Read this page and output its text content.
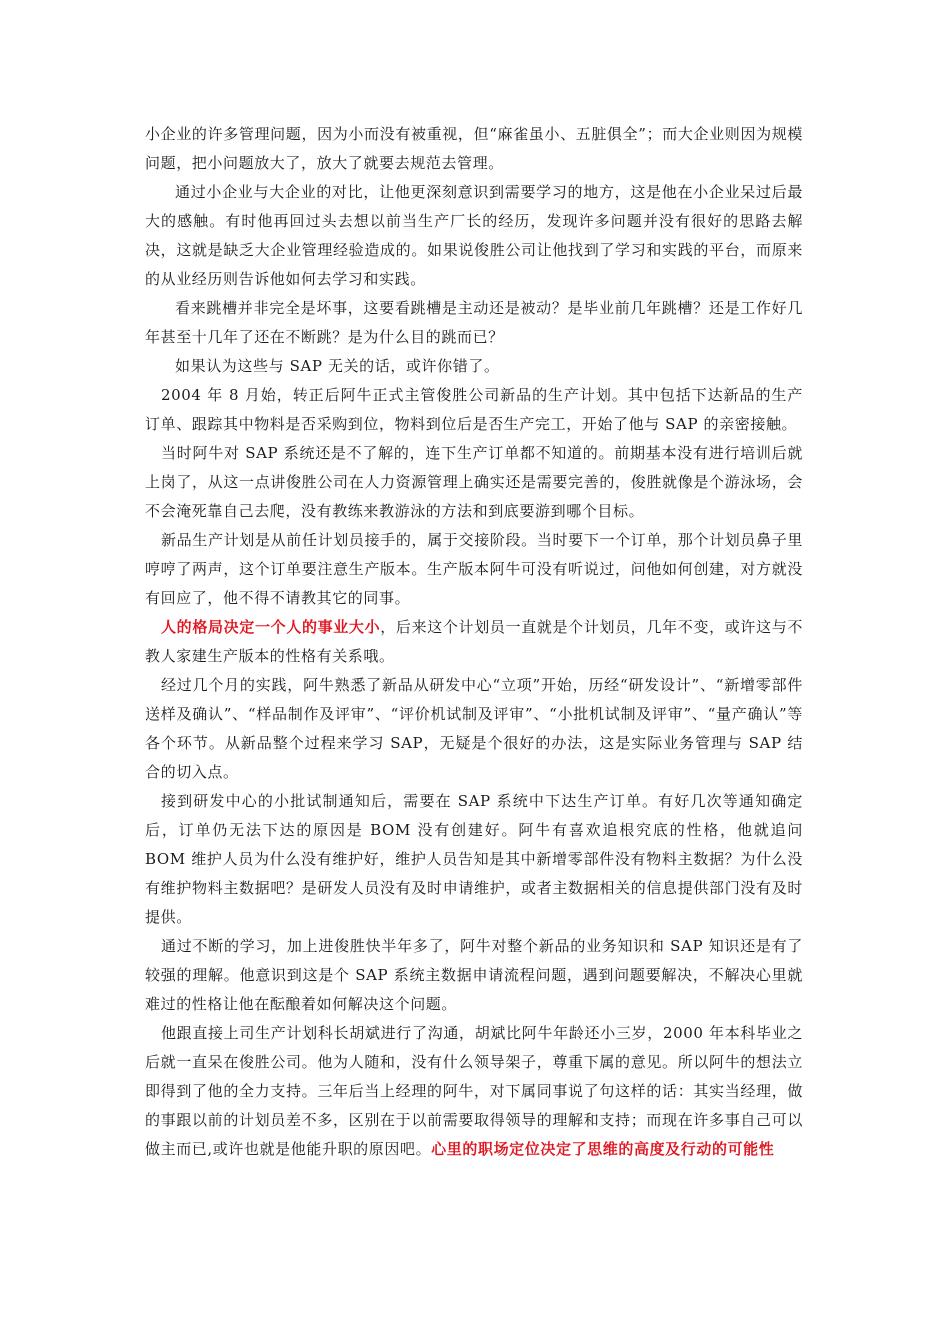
小企业的许多管理问题，因为小而没有被重视，但“麻雀虽小、五脏俱全”；而大企业则因为规模问题，把小问题放大了，放大了就要去规范去管理。

通过小企业与大企业的对比，让他更深刻意识到需要学习的地方，这是他在小企业呆过后最大的感触。有时他再回过头去想以前当生产厂长的经历，发现许多问题并没有很好的思路去解决，这就是缺乏大企业管理经验造成的。如果说俊胜公司让他找到了学习和实践的平台，而原来的从业经历则告诉他如何去学习和实践。

看来跳槽并非完全是坏事，这要看跳槽是主动还是被动？是毕业前几年跳槽？还是工作好几年甚至十几年了还在不断跳？是为什么目的跳而已？

如果认为这些与 SAP 无关的话，或许你错了。

2004 年 8 月始，转正后阿牛正式主管俊胜公司新品的生产计划。其中包括下达新品的生产订单、跟踪其中物料是否采购到位，物料到位后是否生产完工，开始了他与 SAP 的亲密接触。

当时阿牛对 SAP 系统还是不了解的，连下生产订单都不知道的。前期基本没有进行培训后就上岗了，从这一点讲俊胜公司在人力资源管理上确实还是需要完善的，俊胜就像是个游泳场，会不会淹死靠自己去爬，没有教练来教游泳的方法和到底要游到哪个目标。

新品生产计划是从前任计划员接手的，属于交接阶段。当时要下一个订单，那个计划员鼻子里哼哼了两声，这个订单要注意生产版本。生产版本阿牛可没有听说过，问他如何创建，对方就没有回应了，他不得不请教其它的同事。

人的格局决定一个人的事业大小，后来这个计划员一直就是个计划员，几年不变，或许这与不教人家建生产版本的性格有关系哦。

经过几个月的实践，阿牛熟悉了新品从研发中心“立项”开始，历经“研发设计”、“新增零部件送样及确认”、“样品制作及评审”、“评价机试制及评审”、“小批机试制及评审”、“量产确认”等各个环节。从新品整个过程来学习 SAP，无疑是个很好的办法，这是实际业务管理与 SAP 结合的切入点。

接到研发中心的小批试制通知后，需要在 SAP 系统中下达生产订单。有好几次等通知确定后，订单仍无法下达的原因是 BOM 没有创建好。阿牛有喜欢追根究底的性格，他就追问 BOM 维护人员为什么没有维护好，维护人员告知是其中新增零部件没有物料主数据？为什么没有维护物料主数据吧？是研发人员没有及时申请维护，或者主数据相关的信息提供部门没有及时提供。

通过不断的学习，加上进俊胜快半年多了，阿牛对整个新品的业务知识和 SAP 知识还是有了较强的理解。他意识到这是个 SAP 系统主数据申请流程问题，遇到问题要解决，不解决心里就难过的性格让他在酝酿着如何解决这个问题。

他跟直接上司生产计划科长胡斌进行了沟通，胡斌比阿牛年龄还小三岁，2000 年本科毕业之后就一直呆在俊胜公司。他为人随和，没有什么领导架子，尊重下属的意见。所以阿牛的想法立即得到了他的全力支持。三年后当上经理的阿牛，对下属同事说了句这样的话：其实当经理，做的事跟以前的计划员差不多，区别在于以前需要取得领导的理解和支持；而现在许多事自己可以做主而已,或许也就是他能升职的原因吧。心里的职场定位决定了思维的高度及行动的可能性
